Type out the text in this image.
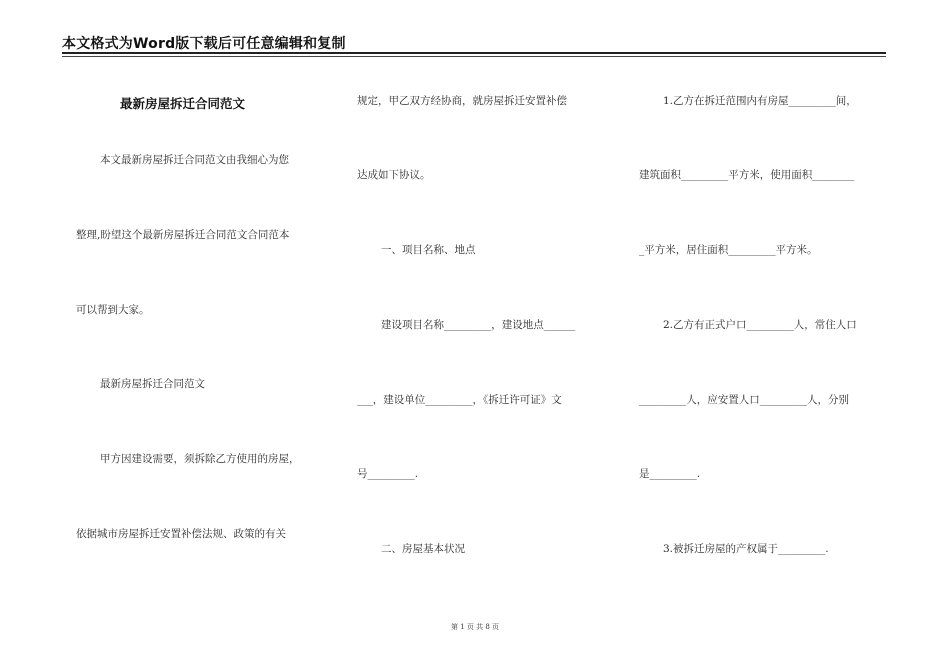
本文格式为Word版下载后可任意编辑和复制
最新房屋拆迁合同范文
本文最新房屋拆迁合同范文由我细心为您
整理,盼望这个最新房屋拆迁合同范文合同范本
可以帮到大家。
最新房屋拆迁合同范文
甲方因建设需要，须拆除乙方使用的房屋，
依据城市房屋拆迁安置补偿法规、政策的有关
规定，甲乙双方经协商，就房屋拆迁安置补偿
达成如下协议。
一、项目名称、地点
建设项目名称_________，建设地点______
___，建设单位_________，《拆迁许可证》文
号_________.
二、房屋基本状况
1.乙方在拆迁范围内有房屋_________间，
建筑面积_________平方米，使用面积________
_平方米，居住面积_________平方米。
2.乙方有正式户口_________人，常住人口
_________人，应安置人口_________人，分别
是_________.
3.被拆迁房屋的产权属于_________.
第 1 页 共 8 页
